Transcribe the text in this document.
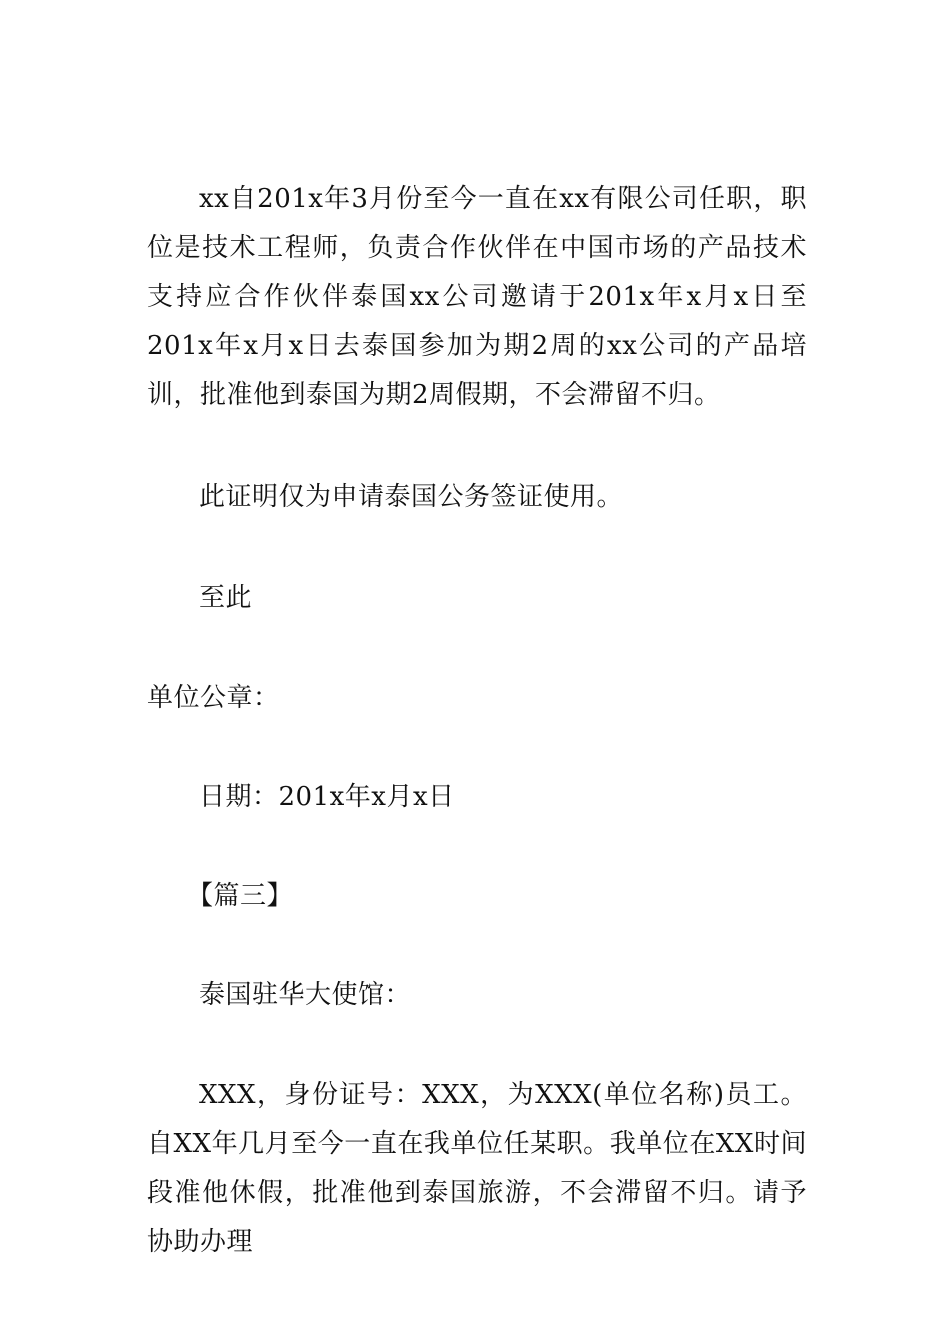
xx自201x年3月份至今一直在xx有限公司任职，职位是技术工程师，负责合作伙伴在中国市场的产品技术支持应合作伙伴泰国xx公司邀请于201x年x月x日至201x年x月x日去泰国参加为期2周的xx公司的产品培训，批准他到泰国为期2周假期，不会滞留不归。

此证明仅为申请泰国公务签证使用。

至此

单位公章：

日期：201x年x月x日

【篇三】

泰国驻华大使馆：

XXX，身份证号：XXX，为XXX(单位名称)员工。自XX年几月至今一直在我单位任某职。我单位在XX时间段准他休假，批准他到泰国旅游，不会滞留不归。请予协助办理
